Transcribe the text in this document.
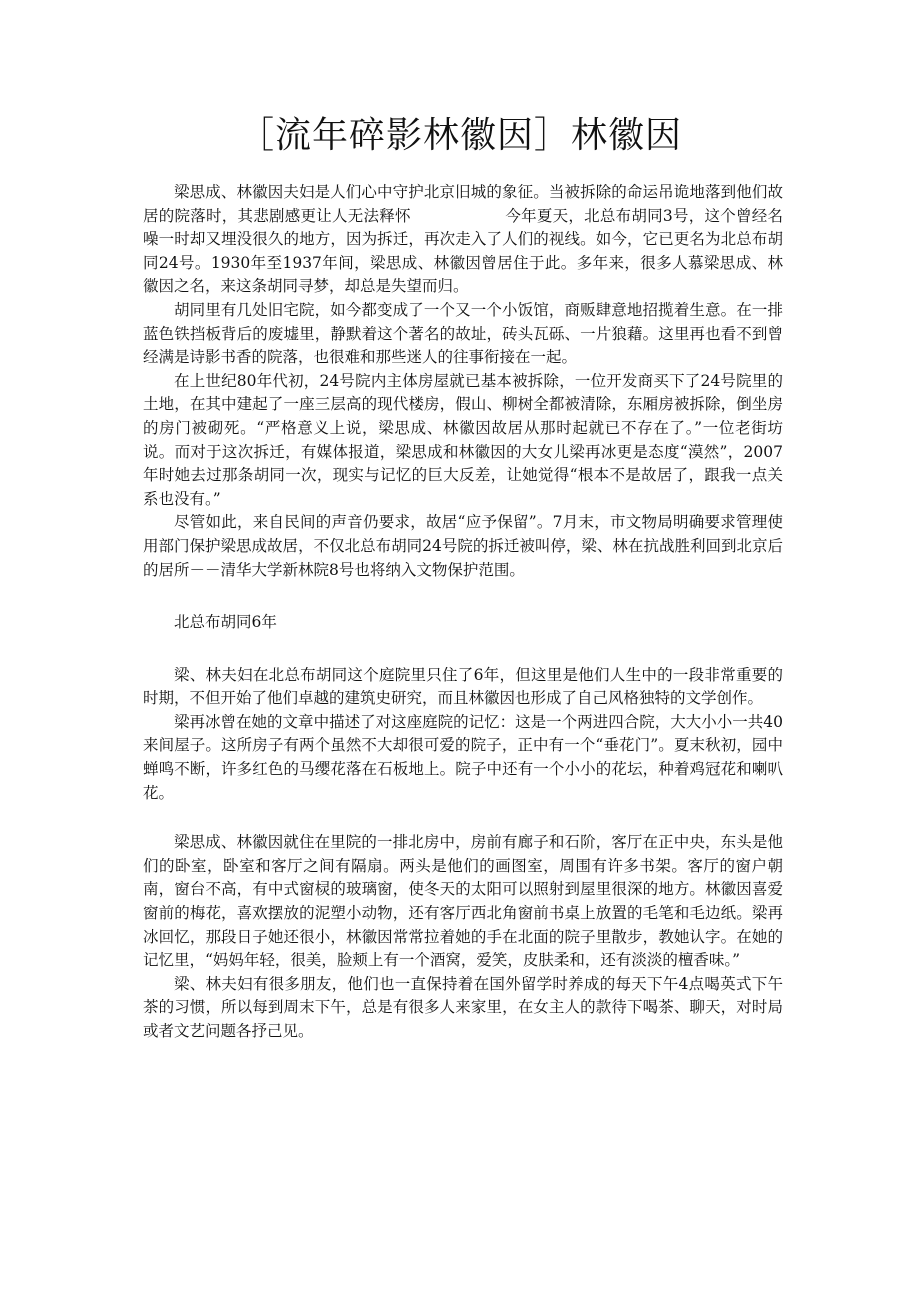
［流年碎影林徽因］林徽因

梁思成、林徽因夫妇是人们心中守护北京旧城的象征。当被拆除的命运吊诡地落到他们故居的院落时，其悲剧感更让人无法释怀　　　　　　今年夏天，北总布胡同3号，这个曾经名噪一时却又埋没很久的地方，因为拆迁，再次走入了人们的视线。如今，它已更名为北总布胡同24号。1930年至1937年间，梁思成、林徽因曾居住于此。多年来，很多人慕梁思成、林徽因之名，来这条胡同寻梦，却总是失望而归。

胡同里有几处旧宅院，如今都变成了一个又一个小饭馆，商贩肆意地招揽着生意。在一排蓝色铁挡板背后的废墟里，静默着这个著名的故址，砖头瓦砾、一片狼藉。这里再也看不到曾经满是诗影书香的院落，也很难和那些迷人的往事衔接在一起。

在上世纪80年代初，24号院内主体房屋就已基本被拆除，一位开发商买下了24号院里的土地，在其中建起了一座三层高的现代楼房，假山、柳树全都被清除，东厢房被拆除，倒坐房的房门被砌死。“严格意义上说，梁思成、林徽因故居从那时起就已不存在了。”一位老街坊说。而对于这次拆迁，有媒体报道，梁思成和林徽因的大女儿梁再冰更是态度“漠然”，2007年时她去过那条胡同一次，现实与记忆的巨大反差，让她觉得“根本不是故居了，跟我一点关系也没有。”

尽管如此，来自民间的声音仍要求，故居“应予保留”。7月末，市文物局明确要求管理使用部门保护梁思成故居，不仅北总布胡同24号院的拆迁被叫停，梁、林在抗战胜利回到北京后的居所－－清华大学新林院8号也将纳入文物保护范围。

北总布胡同6年

梁、林夫妇在北总布胡同这个庭院里只住了6年，但这里是他们人生中的一段非常重要的时期，不但开始了他们卓越的建筑史研究，而且林徽因也形成了自己风格独特的文学创作。

梁再冰曾在她的文章中描述了对这座庭院的记忆：这是一个两进四合院，大大小小一共40来间屋子。这所房子有两个虽然不大却很可爱的院子，正中有一个“垂花门”。夏末秋初，园中蝉鸣不断，许多红色的马缨花落在石板地上。院子中还有一个小小的花坛，种着鸡冠花和喇叭花。

梁思成、林徽因就住在里院的一排北房中，房前有廊子和石阶，客厅在正中央，东头是他们的卧室，卧室和客厅之间有隔扇。两头是他们的画图室，周围有许多书架。客厅的窗户朝南，窗台不高，有中式窗棂的玻璃窗，使冬天的太阳可以照射到屋里很深的地方。林徽因喜爱窗前的梅花，喜欢摆放的泥塑小动物，还有客厅西北角窗前书桌上放置的毛笔和毛边纸。梁再冰回忆，那段日子她还很小，林徽因常常拉着她的手在北面的院子里散步，教她认字。在她的记忆里，“妈妈年轻，很美，脸颊上有一个酒窝，爱笑，皮肤柔和，还有淡淡的檀香味。”

梁、林夫妇有很多朋友，他们也一直保持着在国外留学时养成的每天下午4点喝英式下午茶的习惯，所以每到周末下午，总是有很多人来家里，在女主人的款待下喝茶、聊天，对时局或者文艺问题各抒己见。
